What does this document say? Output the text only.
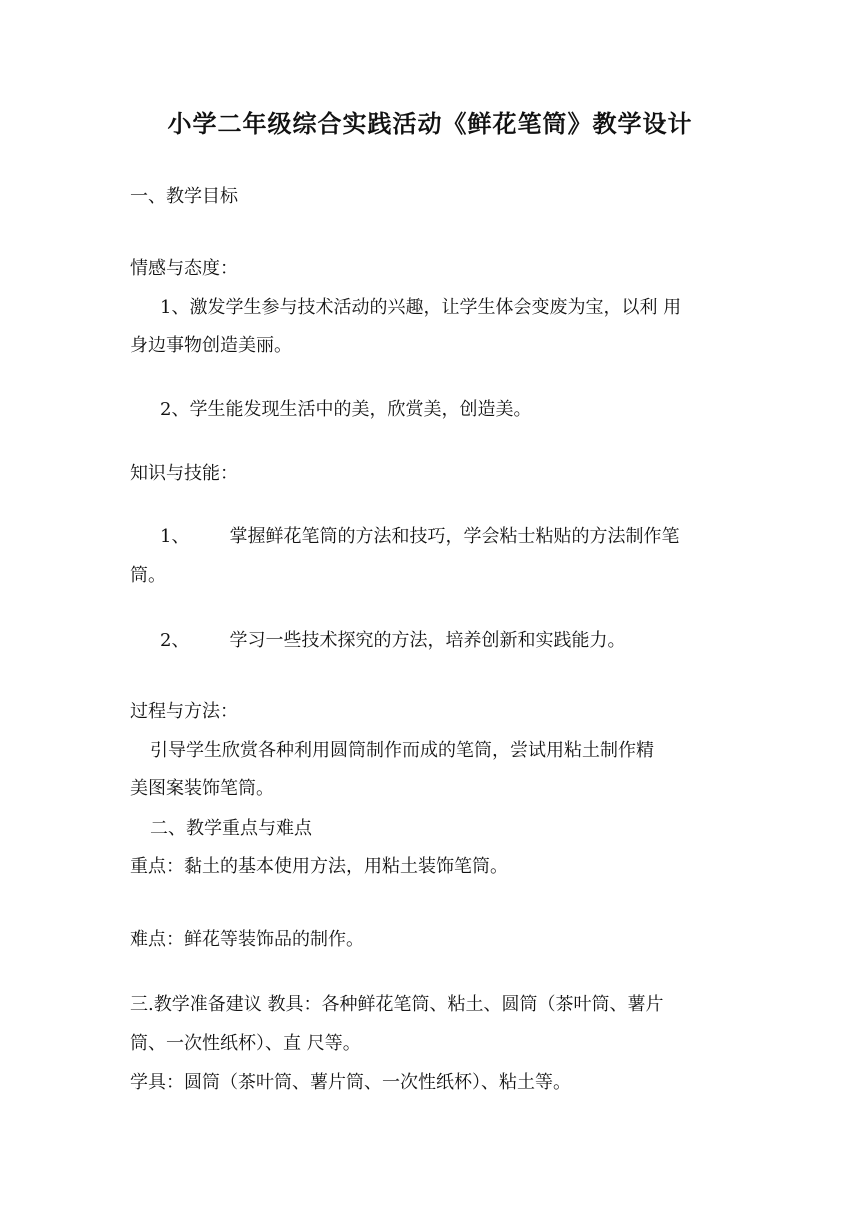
小学二年级综合实践活动《鲜花笔筒》教学设计
一、教学目标
情感与态度：
1、激发学生参与技术活动的兴趣，让学生体会变废为宝，以利 用
身边事物创造美丽。
2、学生能发现生活中的美，欣赏美，创造美。
知识与技能：
1、 掌握鲜花笔筒的方法和技巧，学会粘士粘贴的方法制作笔
筒。
2、 学习一些技术探究的方法，培养创新和实践能力。
过程与方法：
引导学生欣赏各种利用圆筒制作而成的笔筒，尝试用粘土制作精
美图案装饰笔筒。
二、教学重点与难点
重点：黏土的基本使用方法，用粘土装饰笔筒。
难点：鲜花等装饰品的制作。
三.教学准备建议 教具：各种鲜花笔筒、粘土、圆筒（茶叶筒、薯片
筒、一次性纸杯）、直 尺等。
学具：圆筒（茶叶筒、薯片筒、一次性纸杯）、粘土等。
